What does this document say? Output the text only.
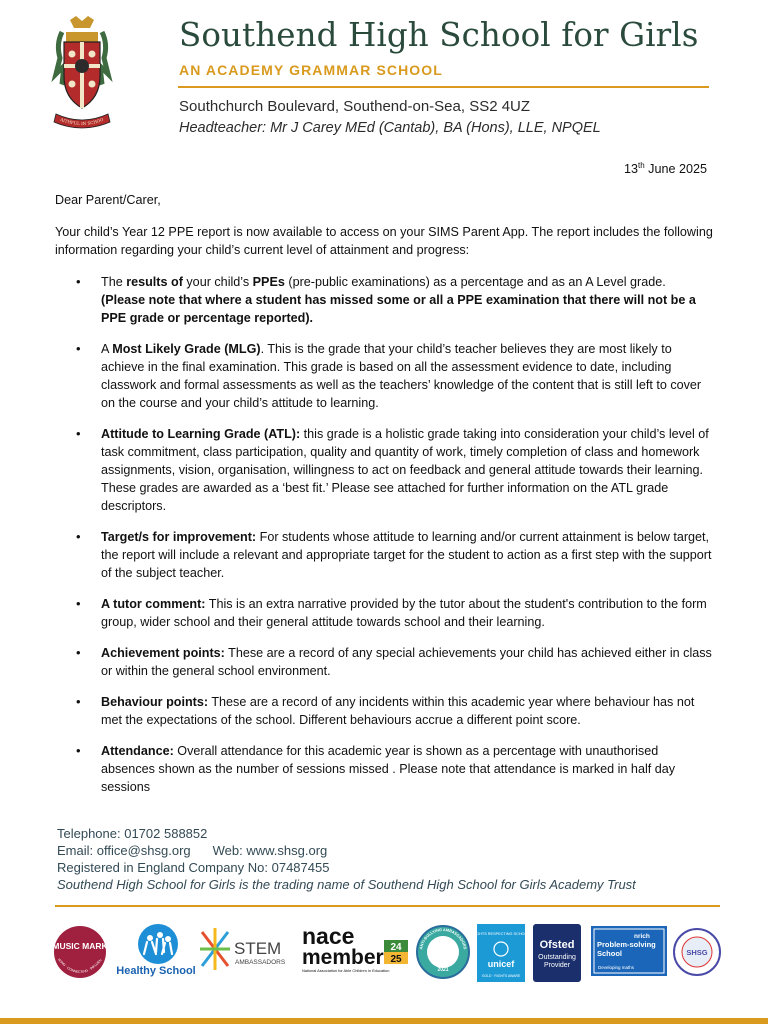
AITHFUL IN SCHOO
Southend High School for Girls
AN ACADEMY GRAMMAR SCHOOL
Southchurch Boulevard, Southend-on-Sea, SS2 4UZ
Headteacher: Mr J Carey MEd (Cantab), BA (Hons), LLE, NPQEL
13th June 2025
Dear Parent/Carer,
Your child’s Year 12 PPE report is now available to access on your SIMS Parent App. The report includes the following information regarding your child’s current level of attainment and progress:
• The results of your child’s PPEs (pre-public examinations) as a percentage and as an A Level grade. (Please note that where a student has missed some or all a PPE examination that there will not be a PPE grade or percentage reported).
• A Most Likely Grade (MLG). This is the grade that your child’s teacher believes they are most likely to achieve in the final examination. This grade is based on all the assessment evidence to date, including classwork and formal assessments as well as the teachers’ knowledge of the content that is still left to cover on the course and your child’s attitude to learning.
• Attitude to Learning Grade (ATL): this grade is a holistic grade taking into consideration your child’s level of task commitment, class participation, quality and quantity of work, timely completion of class and homework assignments, vision, organisation, willingness to act on feedback and general attitude towards their learning. These grades are awarded as a ‘best fit.’ Please see attached for further information on the ATL grade descriptors.
• Target/s for improvement: For students whose attitude to learning and/or current attainment is below target, the report will include a relevant and appropriate target for the student to action as a first step with the support of the subject teacher.
• A tutor comment: This is an extra narrative provided by the tutor about the student's contribution to the form group, wider school and their general attitude towards school and their learning.
• Achievement points: These are a record of any special achievements your child has achieved either in class or within the general school environment.
• Behaviour points: These are a record of any incidents within this academic year where behaviour has not met the expectations of the school. Different behaviours accrue a different point score.
• Attendance: Overall attendance for this academic year is shown as a percentage with unauthorised absences shown as the number of sessions missed . Please note that attendance is marked in half day sessions
Telephone: 01702 588852
Email: office@shsg.org Web: www.shsg.org
Registered in England Company No: 07487455
Southend High School for Girls is the trading name of Southend High School for Girls Academy Trust
MUSIC MARK
IRING · CONNECTING · INFLUEN
Healthy School
STEM
AMBASSADORS
nace
member 24
25
National Association for Able Children in Education
ANTI-BULLYING AMBASSADORS
2021
RIGHTS RESPECTING SCHOOL
unicef
GOLD · RIGHTS AWARE
Ofsted
Outstanding Provider
nrich
Problem-solving School
Developing maths
SHSG
